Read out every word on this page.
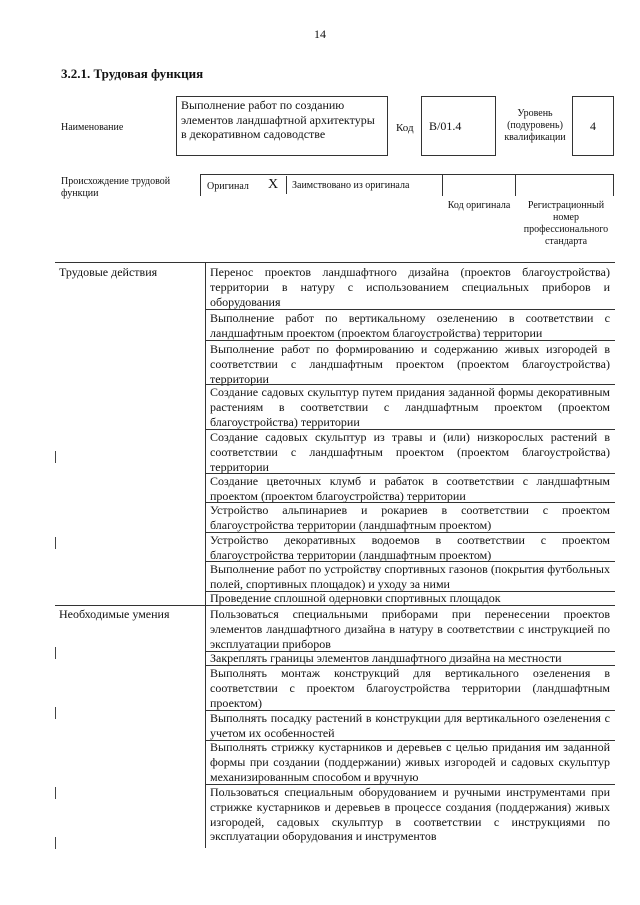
14
3.2.1. Трудовая функция
Наименование
Выполнение работ по созданию элементов ландшафтной архитектуры в декоративном садоводстве	Код B/01.4
Уровень (подуровень) квалификации
4
Происхождение трудовой функции
Оригинал X Заимствовано из оригинала
Код оригинала	Регистрационный номер профессионального стандарта
Трудовые действия	Перенос проектов ландшафтного дизайна (проектов благоустройства) территории в натуру с использованием специальных приборов и оборудования
Выполнение работ по вертикальному озеленению в соответствии с ландшафтным проектом (проектом благоустройства) территории
Выполнение работ по формированию и содержанию живых изгородей в соответствии с ландшафтным проектом (проектом благоустройства) территории
Создание садовых скульптур путем придания заданной формы декоративным растениям в соответствии с ландшафтным проектом (проектом благоустройства) территории
Создание садовых скульптур из травы и (или) низкорослых растений в соответствии с ландшафтным проектом (проектом благоустройства) территории
Создание цветочных клумб и рабаток в соответствии с ландшафтным проектом (проектом благоустройства) территории
Устройство альпинариев и рокариев в соответствии с проектом благоустройства территории (ландшафтным проектом)
Устройство декоративных водоемов в соответствии с проектом благоустройства территории (ландшафтным проектом)
Выполнение работ по устройству спортивных газонов (покрытия футбольных полей, спортивных площадок) и уходу за ними
Проведение сплошной одерновки спортивных площадок
Необходимые умения	Пользоваться специальными приборами при перенесении проектов элементов ландшафтного дизайна в натуру в соответствии с инструкцией по эксплуатации приборов
Закреплять границы элементов ландшафтного дизайна на местности
Выполнять монтаж конструкций для вертикального озеленения в соответствии с проектом благоустройства территории (ландшафтным проектом)
Выполнять посадку растений в конструкции для вертикального озеленения с учетом их особенностей
Выполнять стрижку кустарников и деревьев с целью придания им заданной формы при создании (поддержании) живых изгородей и садовых скульптур механизированным способом и вручную
Пользоваться специальным оборудованием и ручными инструментами при стрижке кустарников и деревьев в процессе создания (поддержания) живых изгородей, садовых скульптур в соответствии с инструкциями по эксплуатации оборудования и инструментов
